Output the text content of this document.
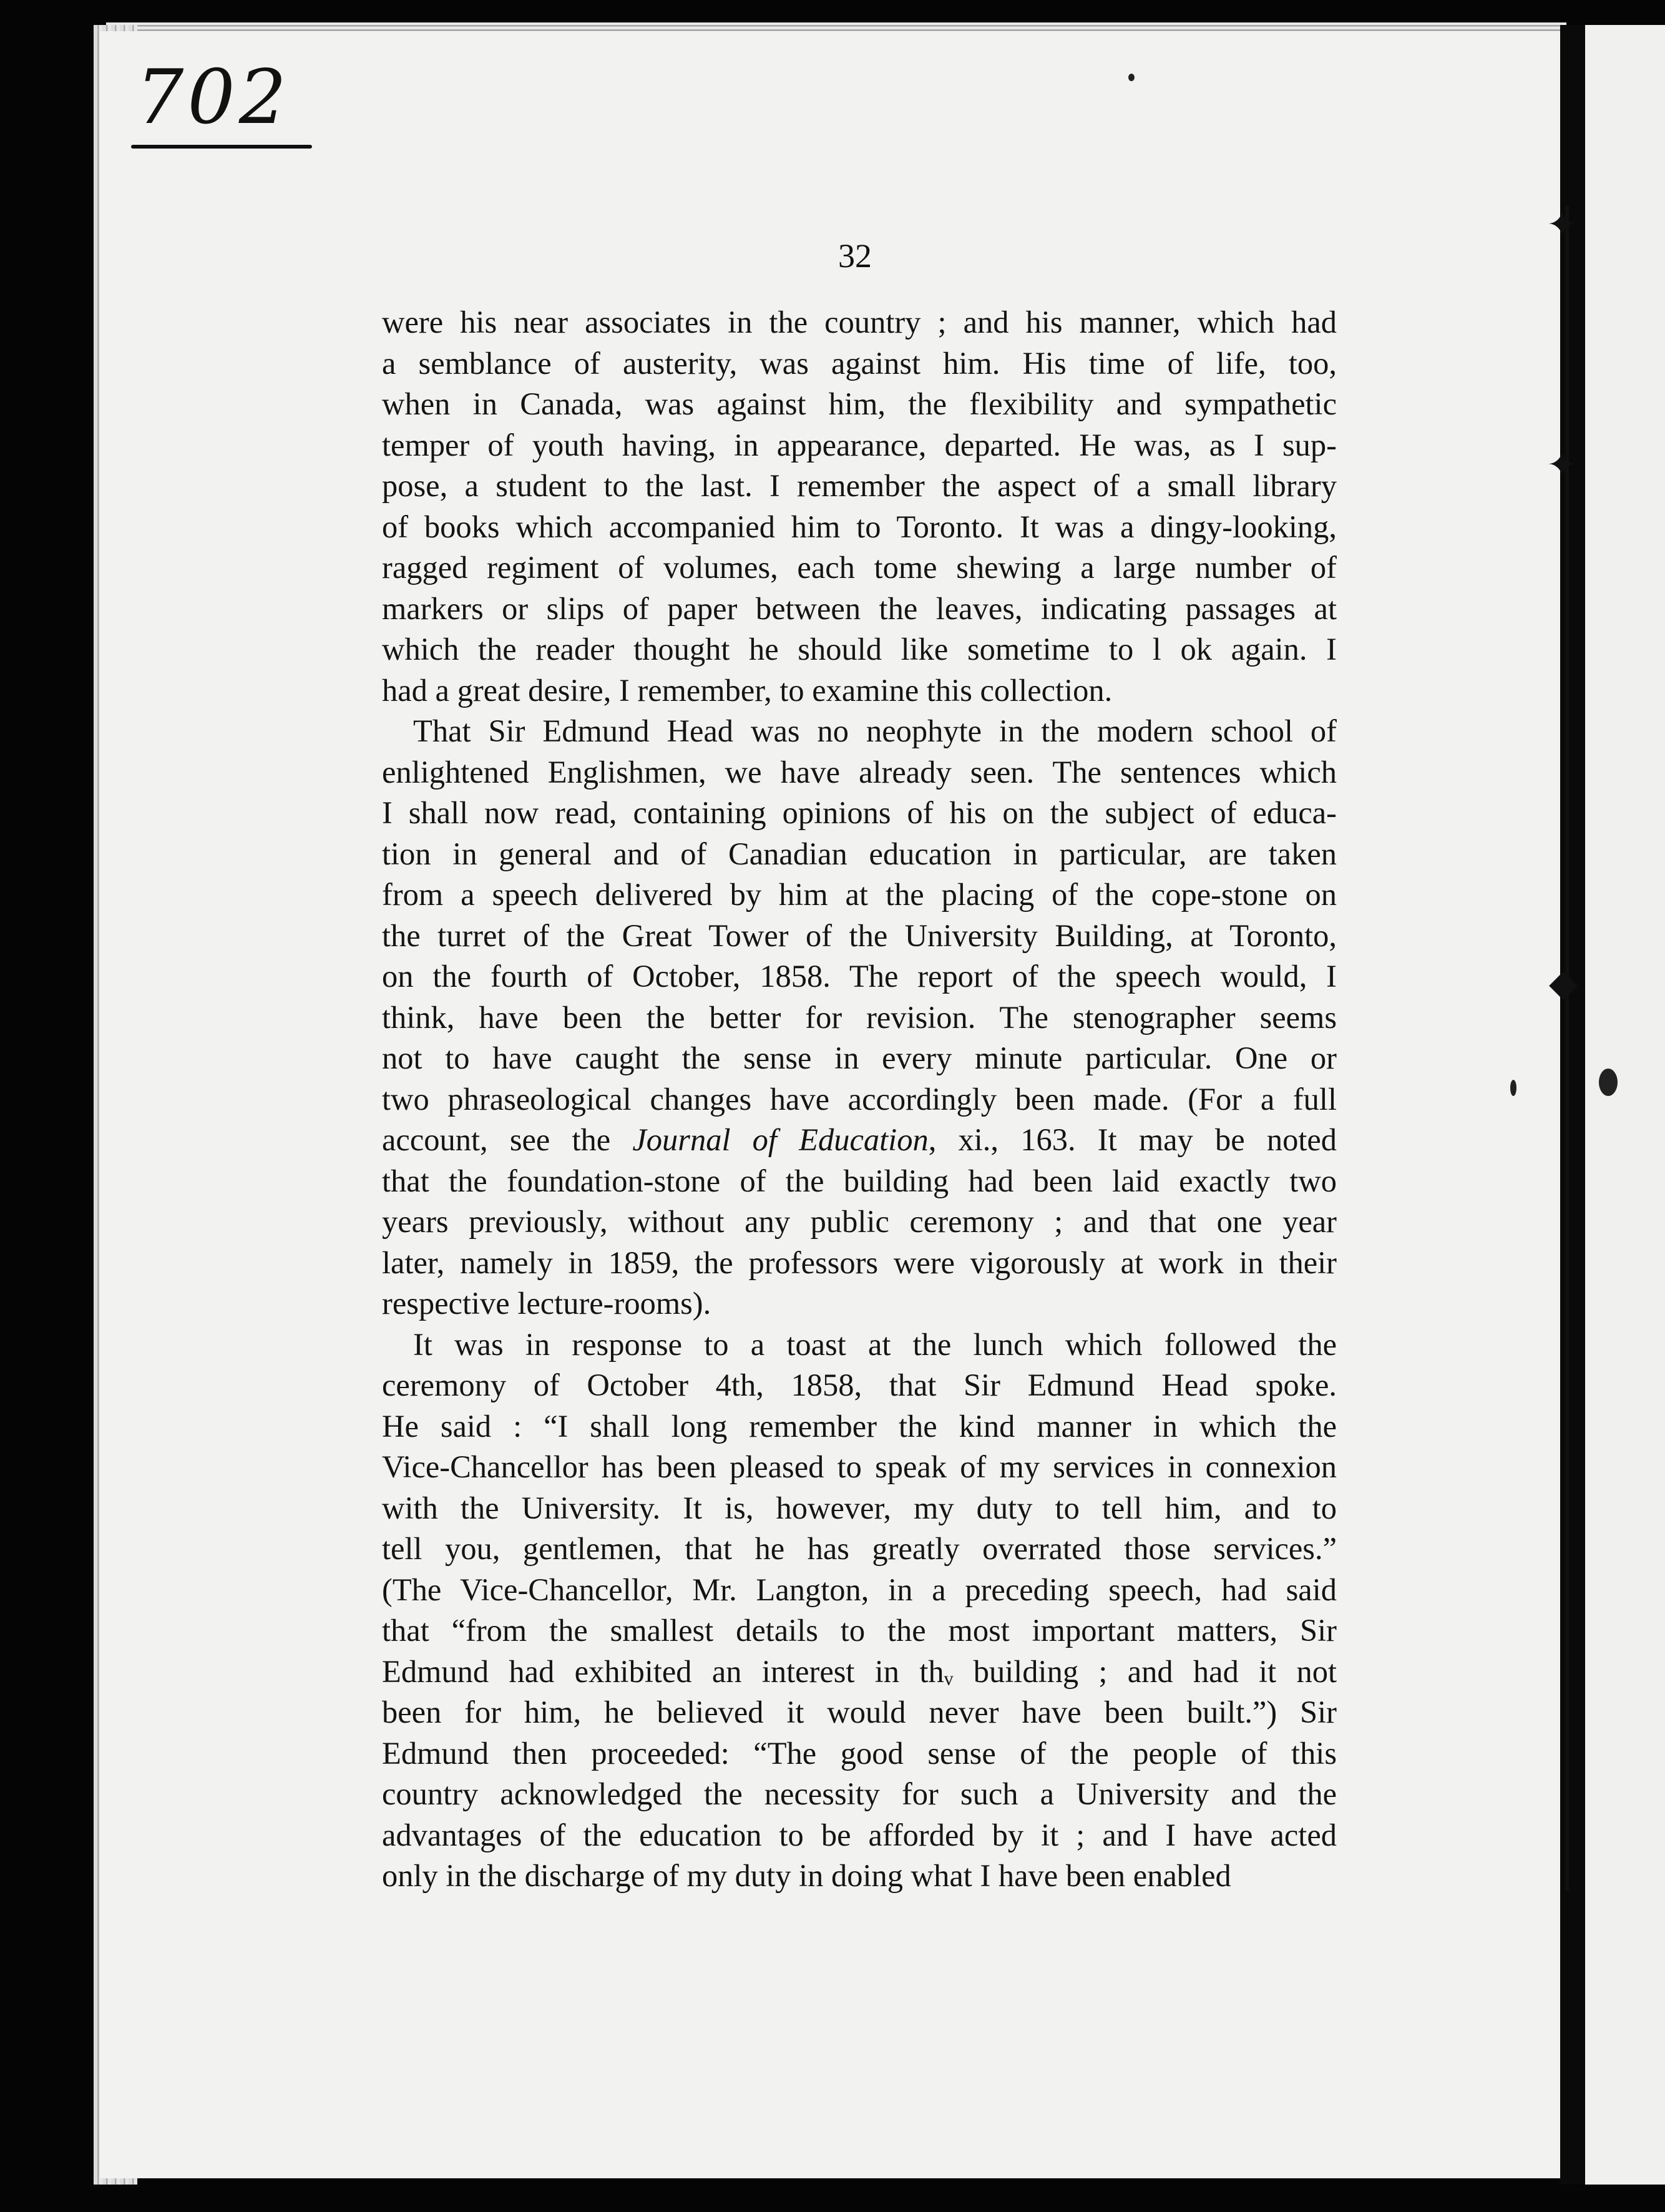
✦
✦
◆
702
32
were his near associates in the country ; and his manner, which had
a semblance of austerity, was against him. His time of life, too,
when in Canada, was against him, the flexibility and sympathetic
temper of youth having, in appearance, departed. He was, as I sup-
pose, a student to the last. I remember the aspect of a small library
of books which accompanied him to Toronto. It was a dingy-looking,
ragged regiment of volumes, each tome shewing a large number of
markers or slips of paper between the leaves, indicating passages at
which the reader thought he should like sometime to l ok again. I
had a great desire, I remember, to examine this collection.
That Sir Edmund Head was no neophyte in the modern school of
enlightened Englishmen, we have already seen. The sentences which
I shall now read, containing opinions of his on the subject of educa-
tion in general and of Canadian education in particular, are taken
from a speech delivered by him at the placing of the cope-stone on
the turret of the Great Tower of the University Building, at Toronto,
on the fourth of October, 1858. The report of the speech would, I
think, have been the better for revision. The stenographer seems
not to have caught the sense in every minute particular. One or
two phraseological changes have accordingly been made. (For a full
account, see the Journal of Education, xi., 163. It may be noted
that the foundation-stone of the building had been laid exactly two
years previously, without any public ceremony ; and that one year
later, namely in 1859, the professors were vigorously at work in their
respective lecture-rooms).
It was in response to a toast at the lunch which followed the
ceremony of October 4th, 1858, that Sir Edmund Head spoke.
He said : “I shall long remember the kind manner in which the
Vice-Chancellor has been pleased to speak of my services in connexion
with the University. It is, however, my duty to tell him, and to
tell you, gentlemen, that he has greatly overrated those services.”
(The Vice-Chancellor, Mr. Langton, in a preceding speech, had said
that “from the smallest details to the most important matters, Sir
Edmund had exhibited an interest in thᵥ building ; and had it not
been for him, he believed it would never have been built.”) Sir
Edmund then proceeded: “The good sense of the people of this
country acknowledged the necessity for such a University and the
advantages of the education to be afforded by it ; and I have acted
only in the discharge of my duty in doing what I have been enabled
